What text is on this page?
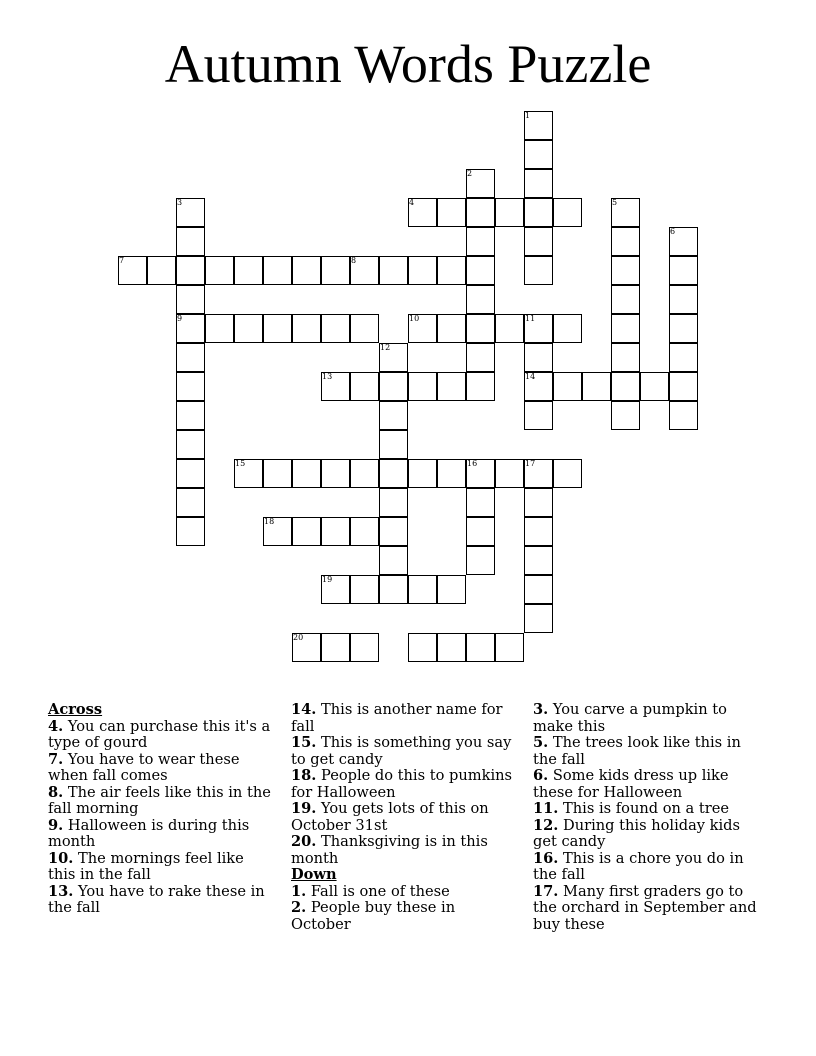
Autumn Words Puzzle
1
2
3	4	5
6
7	8
9	10	11
12
13	14
15	16	17
18
19
20

Across

4. You can purchase this it's a type of gourd

7. You have to wear these when fall comes

8. The air feels like this in the fall morning

9. Halloween is during this month

10. The mornings feel like this in the fall

13. You have to rake these in the fall

14. This is another name for fall

15. This is something you say to get candy

18. People do this to pumkins for Halloween

19. You gets lots of this on October 31st

20. Thanksgiving is in this month

Down

1. Fall is one of these

2. People buy these in October

3. You carve a pumpkin to make this

5. The trees look like this in the fall

6. Some kids dress up like these for Halloween

11. This is found on a tree

12. During this holiday kids get candy

16. This is a chore you do in the fall

17. Many first graders go to the orchard in September and buy these
